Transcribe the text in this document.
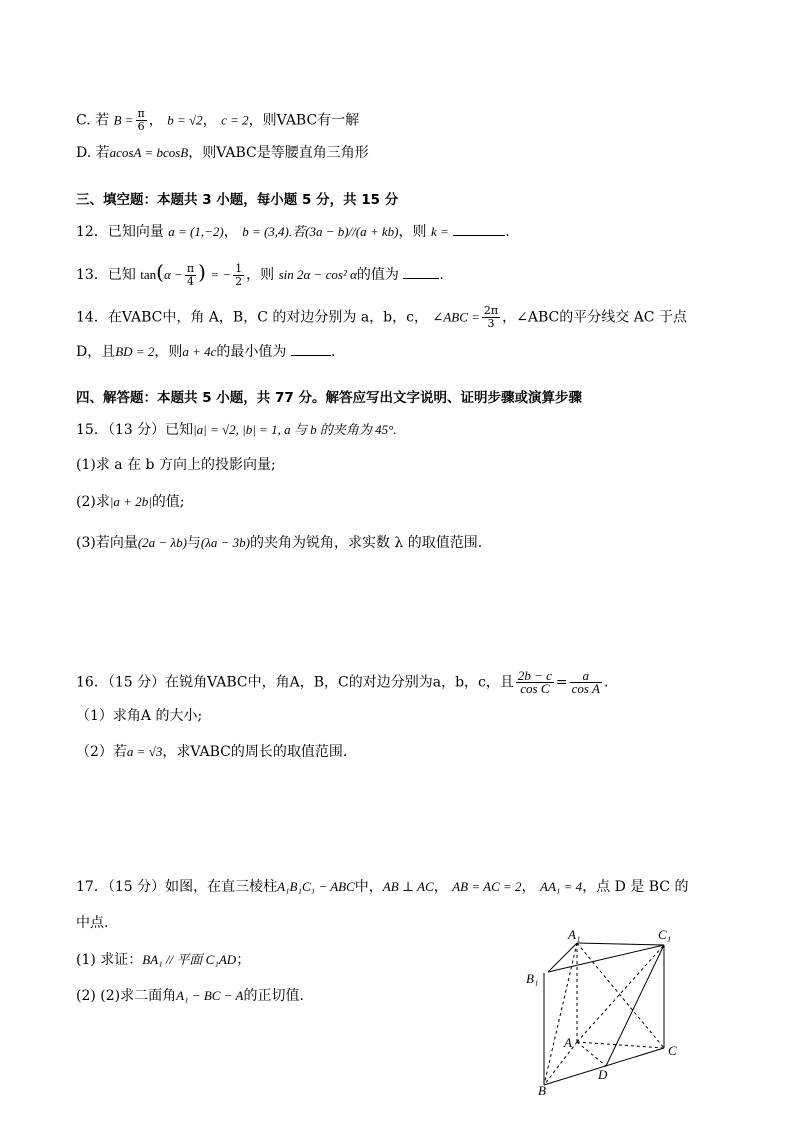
C. 若 $B = \frac{\pi}{6}$ ， b = √2， c = 2，则VABC有一解
D. 若acosA = bcosB，则VABC是等腰直角三角形
三、填空题：本题共 3 小题，每小题 5 分，共 15 分
12．已知向量 a = (1,−2)， b = (3,4).若(3a − b)//(a + kb)，则 k =	.
13．已知 $\tan(\alpha - \frac{\pi}{4}$ ) = − $\frac{1}{2}$ ，则 sin 2α − cos² α的值为	.
14．在VABC中，角 A，B，C 的对边分别为 a，b，c， ∠ABC = $\frac{2\pi}{3}$ ，∠ABC的平分线交 AC 于点
D，且BD = 2，则a + 4c的最小值为	.
四、解答题：本题共 5 小题，共 77 分。解答应写出文字说明、证明步骤或演算步骤
15．（13 分）已知|a| = √2, |b| = 1, a 与 b 的夹角为 45°.
(1)求 a 在 b 方向上的投影向量;
(2)求|a + 2b|的值;
(3)若向量(2a − λb)与(λa − 3b)的夹角为锐角，求实数 λ 的取值范围.
16．（15 分）在锐角VABC中，角A，B，C的对边分别为a，b，c，且 $\frac{2b - c}{\text{cos C}} = \frac{a}{\text{cos A}}$ .
（1）求角A 的大小;
（2）若a = √3，求VABC的周长的取值范围.
17．（15 分）如图，在直三棱柱A₁B₁C₁ − ABC中，AB ⊥ AC， AB = AC = 2， AA₁ = 4，点 D 是 BC 的
中点.
(1) 求证：BA₁ // 平面 C₁AD；
(2) (2)求二面角A₁ − BC − A的正切值.
A₁	C₁
B₁
A
C
B
D
